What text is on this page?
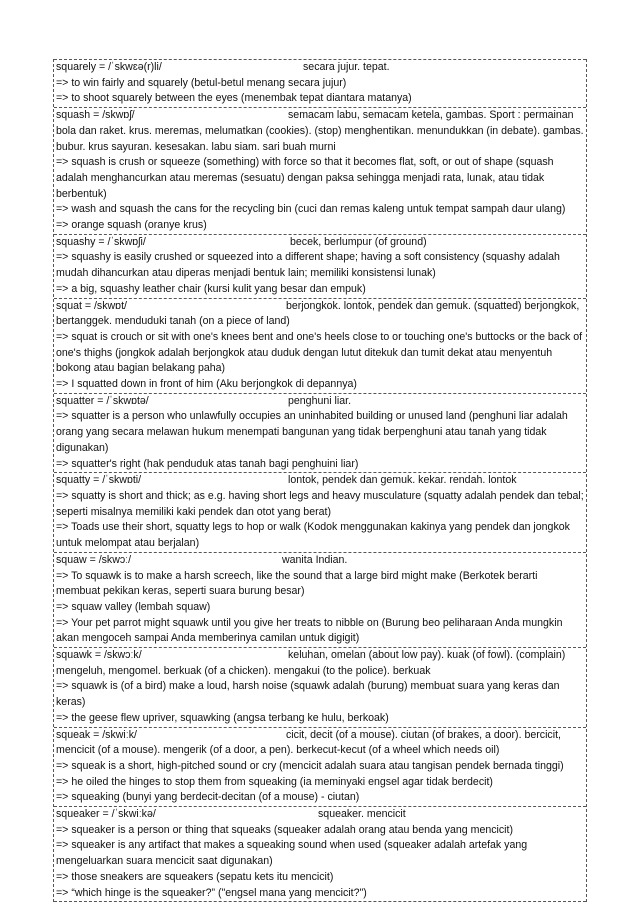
squarely = /ˈskwɛə(r)li/	secara jujur. tepat.
=> to win fairly and squarely (betul-betul menang secara jujur)
=> to shoot squarely between the eyes (menembak tepat diantara matanya)
squash = /skwɒʃ/	semacam labu, semacam ketela, gambas. Sport : permainan bola dan raket. krus. meremas, melumatkan (cookies). (stop) menghentikan. menundukkan (in debate). gambas. bubur. krus sayuran. kesesakan. labu siam. sari buah murni
=> squash is crush or squeeze (something) with force so that it becomes flat, soft, or out of shape (squash adalah menghancurkan atau meremas (sesuatu) dengan paksa sehingga menjadi rata, lunak, atau tidak berbentuk)
=> wash and squash the cans for the recycling bin (cuci dan remas kaleng untuk tempat sampah daur ulang)
=> orange squash (oranye krus)
squashy = /ˈskwɒʃi/	becek, berlumpur (of ground)
=> squashy is easily crushed or squeezed into a different shape; having a soft consistency (squashy adalah mudah dihancurkan atau diperas menjadi bentuk lain; memiliki konsistensi lunak)
=> a big, squashy leather chair (kursi kulit yang besar dan empuk)
squat = /skwɒt/	berjongkok. lontok, pendek dan gemuk. (squatted) berjongkok, bertanggek. menduduki tanah (on a piece of land)
=> squat is crouch or sit with one's knees bent and one's heels close to or touching one's buttocks or the back of one's thighs (jongkok adalah berjongkok atau duduk dengan lutut ditekuk dan tumit dekat atau menyentuh bokong atau bagian belakang paha)
=> I squatted down in front of him (Aku berjongkok di depannya)
squatter = /ˈskwɒtə/	penghuni liar.
=> squatter is a person who unlawfully occupies an uninhabited building or unused land (penghuni liar adalah orang yang secara melawan hukum menempati bangunan yang tidak berpenghuni atau tanah yang tidak digunakan)
=> squatter's right (hak penduduk atas tanah bagi penghuini liar)
squatty = /ˈskwɒti/	lontok, pendek dan gemuk. kekar. rendah. lontok
=> squatty is short and thick; as e.g. having short legs and heavy musculature (squatty adalah pendek dan tebal; seperti misalnya memiliki kaki pendek dan otot yang berat)
=> Toads use their short, squatty legs to hop or walk (Kodok menggunakan kakinya yang pendek dan jongkok untuk melompat atau berjalan)
squaw = /skwɔː/	wanita Indian.
=> To squawk is to make a harsh screech, like the sound that a large bird might make (Berkotek berarti membuat pekikan keras, seperti suara burung besar)
=> squaw valley (lembah squaw)
=> Your pet parrot might squawk until you give her treats to nibble on (Burung beo peliharaan Anda mungkin akan mengoceh sampai Anda memberinya camilan untuk digigit)
squawk = /skwɔːk/	keluhan, omelan (about low pay). kuak (of fowl). (complain) mengeluh, mengomel. berkuak (of a chicken). mengakui (to the police). berkuak
=> squawk is (of a bird) make a loud, harsh noise (squawk adalah (burung) membuat suara yang keras dan keras)
=> the geese flew upriver, squawking (angsa terbang ke hulu, berkoak)
squeak = /skwiːk/	cicit, decit (of a mouse). ciutan (of brakes, a door). bercicit, mencicit (of a mouse). mengerik (of a door, a pen). berkecut-kecut (of a wheel which needs oil)
=> squeak is a short, high-pitched sound or cry (mencicit adalah suara atau tangisan pendek bernada tinggi)
=> he oiled the hinges to stop them from squeaking (ia meminyaki engsel agar tidak berdecit)
=> squeaking (bunyi yang berdecit-decitan (of a mouse) - ciutan)
squeaker = /ˈskwiːkə/	squeaker. mencicit
=> squeaker is a person or thing that squeaks (squeaker adalah orang atau benda yang mencicit)
=> squeaker is any artifact that makes a squeaking sound when used (squeaker adalah artefak yang mengeluarkan suara mencicit saat digunakan)
=> those sneakers are squeakers (sepatu kets itu mencicit)
=> “which hinge is the squeaker?” ("engsel mana yang mencicit?")
